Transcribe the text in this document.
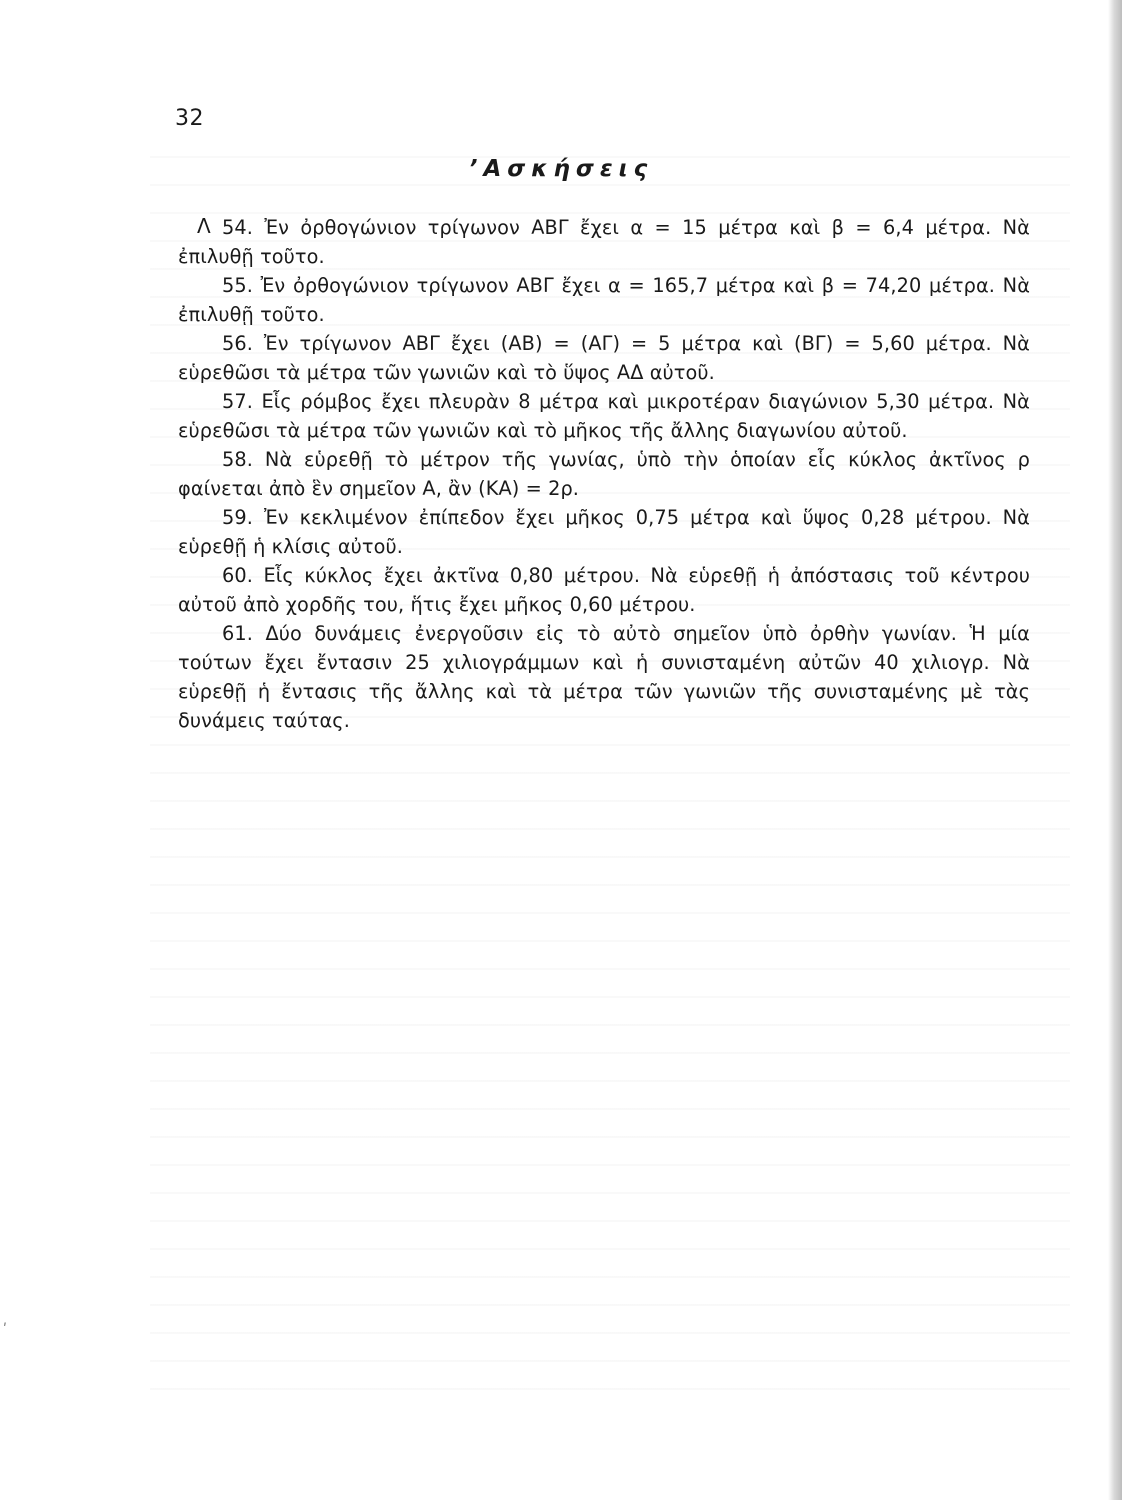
32
’Ασκήσεις
Λ 54. Ἐν ὀρθογώνιον τρίγωνον ΑΒΓ ἔχει α = 15 μέτρα καὶ β = 6,4 μέτρα. Νὰ ἐπιλυθῇ τοῦτο.

55. Ἐν ὀρθογώνιον τρίγωνον ΑΒΓ ἔχει α = 165,7 μέτρα καὶ β = 74,20 μέτρα. Νὰ ἐπιλυθῇ τοῦτο.

56. Ἐν τρίγωνον ΑΒΓ ἔχει (ΑΒ) = (ΑΓ) = 5 μέτρα καὶ (ΒΓ) = 5,60 μέτρα. Νὰ εὑρεθῶσι τὰ μέτρα τῶν γωνιῶν καὶ τὸ ὕψος ΑΔ αὐτοῦ.

57. Εἷς ρόμβος ἔχει πλευρὰν 8 μέτρα καὶ μικροτέραν διαγώνιον 5,30 μέτρα. Νὰ εὑρεθῶσι τὰ μέτρα τῶν γωνιῶν καὶ τὸ μῆκος τῆς ἄλλης διαγωνίου αὐτοῦ.

58. Νὰ εὑρεθῇ τὸ μέτρον τῆς γωνίας, ὑπὸ τὴν ὁποίαν εἷς κύκλος ἀκτῖνος ρ φαίνεται ἀπὸ ἓν σημεῖον Α, ἂν (ΚΑ) = 2ρ.

59. Ἐν κεκλιμένον ἐπίπεδον ἔχει μῆκος 0,75 μέτρα καὶ ὕψος 0,28 μέτρου. Νὰ εὑρεθῇ ἡ κλίσις αὐτοῦ.

60. Εἷς κύκλος ἔχει ἀκτῖνα 0,80 μέτρου. Νὰ εὑρεθῇ ἡ ἀπόστασις τοῦ κέντρου αὐτοῦ ἀπὸ χορδῆς του, ἥτις ἔχει μῆκος 0,60 μέτρου.

61. Δύο δυνάμεις ἐνεργοῦσιν εἰς τὸ αὐτὸ σημεῖον ὑπὸ ὀρθὴν γωνίαν. Ἡ μία τούτων ἔχει ἔντασιν 25 χιλιογράμμων καὶ ἡ συνισταμένη αὐτῶν 40 χιλιογρ. Νὰ εὑρεθῇ ἡ ἔντασις τῆς ἄλλης καὶ τὰ μέτρα τῶν γωνιῶν τῆς συνισταμένης μὲ τὰς δυνάμεις ταύτας.

ʹ
